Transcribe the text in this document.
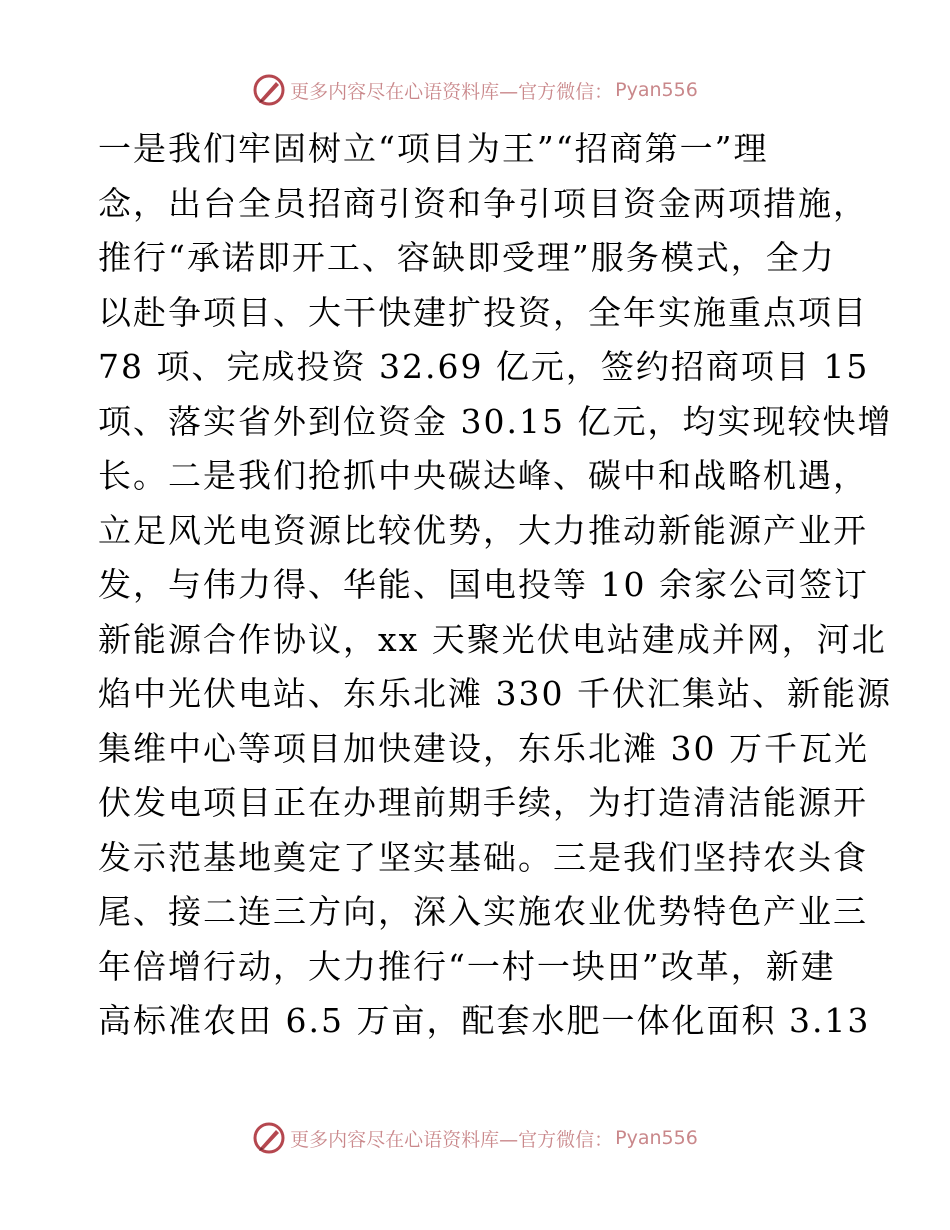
更多内容尽在心语资料库—官方微信： Pyan556
一是我们牢固树立“项目为王”“招商第一”理
念，出台全员招商引资和争引项目资金两项措施，
推行“承诺即开工、容缺即受理”服务模式，全力
以赴争项目、大干快建扩投资，全年实施重点项目
78 项、完成投资 32.69 亿元，签约招商项目 15
项、落实省外到位资金 30.15 亿元，均实现较快增
长。二是我们抢抓中央碳达峰、碳中和战略机遇，
立足风光电资源比较优势，大力推动新能源产业开
发，与伟力得、华能、国电投等 10 余家公司签订
新能源合作协议，xx 天聚光伏电站建成并网，河北
焰中光伏电站、东乐北滩 330 千伏汇集站、新能源
集维中心等项目加快建设，东乐北滩 30 万千瓦光
伏发电项目正在办理前期手续，为打造清洁能源开
发示范基地奠定了坚实基础。三是我们坚持农头食
尾、接二连三方向，深入实施农业优势特色产业三
年倍增行动，大力推行“一村一块田”改革，新建
高标准农田 6.5 万亩，配套水肥一体化面积 3.13
更多内容尽在心语资料库—官方微信： Pyan556
